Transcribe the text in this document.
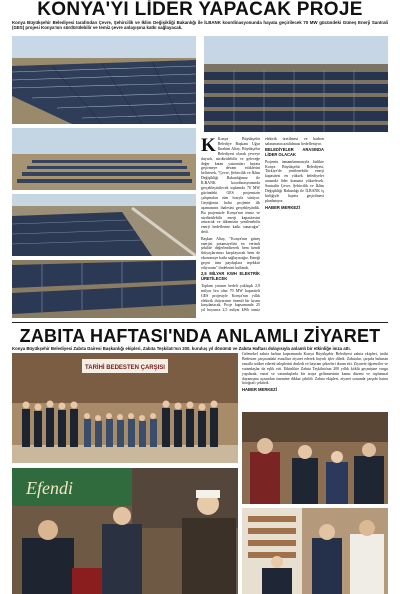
KONYA'YI LİDER YAPACAK PROJE
Konya Büyükşehir Belediyesi tarafından Çevre, Şehircilik ve İklim Değişikliği Bakanlığı ile İLBANK koordinasyonunda hayata geçirilecek 70 MW gücündeki Güneş Enerji Santrali (GES) projesi Konya'nın sürdürülebilir ve temiz çevre anlayışına katkı sağlayacak.

K Konya Büyükşehir Belediye Başkanı Uğur İbrahim Altay, Büyükşehir Belediyesi olarak çevreye duyarlı, sürdürülebilir ve geleceğe değer katan yatırımları hayata geçirmeye devam ettiklerini belirterek, "Çevre, Şehircilik ve İklim Değişikliği Bakanlığımız ile İLBANK koordinasyonunda gerçekleştirilecek toplamda 70 MW gücündeki GES projemizin çalışmaları tüm hızıyla sürüyor. Geçtiğimiz hafta projenin ilk aşamasının ihalesini gerçekleştirdik. Bu projemizle Konya'nın temiz ve sürdürülebilir enerji kapasitesini artıracak ve ülkemizin yenilenebilir enerji hedeflerine katkı sunacağız" dedi.

Başkan Altay, "Konya'nın güneş enerjisi potansiyelini en verimli şekilde değerlendirerek hem kendi ihtiyaçlarımızı karşılayacak hem de ekonomiye katkı sağlayacağız. Emeği geçen tüm paydaşlara teşekkür ediyorum" ifadelerini kullandı.

2,5 MİLYAR KWH ELEKTRİK ÜRETİLECEK

Toplam yatırım bedeli yaklaşık 2,9 milyar lira olan 70 MW kapasiteli GES projesiyle Konya'nın yıllık elektrik ihtiyacının önemli bir kısmı karşılanacak. Proje kapsamında 25 yıl boyunca 2,5 milyar kWh temiz elektrik üretilmesi ve karbon salınımının azaltılması hedefleniyor.

BELEDİYELER ARASINDA LİDER OLACAK

Projenin tamamlanmasıyla birlikte Konya Büyükşehir Belediyesi, Türkiye'de yenilenebilir enerji kapasitesi en yüksek belediyeler arasında lider konuma yükselecek. Santralin Çevre, Şehircilik ve İklim Değişikliği Bakanlığı ile İLBANK iş birliğiyle hayata geçirilmesi planlanıyor.

HABER MERKEZİ

ZABITA HAFTASI'NDA ANLAMLI ZİYARET
Konya Büyükşehir Belediyesi Zabıta Dairesi Başkanlığı ekipleri, Zabıta Teşkilatı'nın 200. kuruluş yıl dönümü ve Zabıta Haftası dolayısıyla anlamlı bir etkinliğe imza attı.
TARİHİ BEDESTEN ÇARŞISI

Gelenekel zabıta haftası kapsamında Konya Büyükşehir Belediyesi zabıta ekipleri, tarihi Bedesten çarşısındaki esnafları ziyaret ederek hayırlı işler diledi. Zabıtalar, çarşıda bulunan esnafla sohbet ederek taleplerini dinledi ve bayram şekerleri ikram etti. Ziyarete öğrenciler ve vatandaşlar da eşlik etti. Etkinlikte Zabıta Teşkilatı'nın 200 yıllık köklü geçmişine vurgu yapılarak, esnaf ve vatandaşlarla bir araya gelinmesinin kamu düzeni ve toplumsal dayanışma açısından önemine dikkat çekildi. Zabıta ekipleri, ziyaret sonunda çarşıda hatıra fotoğrafı çektirdi.

HABER MERKEZİ

Efendi
